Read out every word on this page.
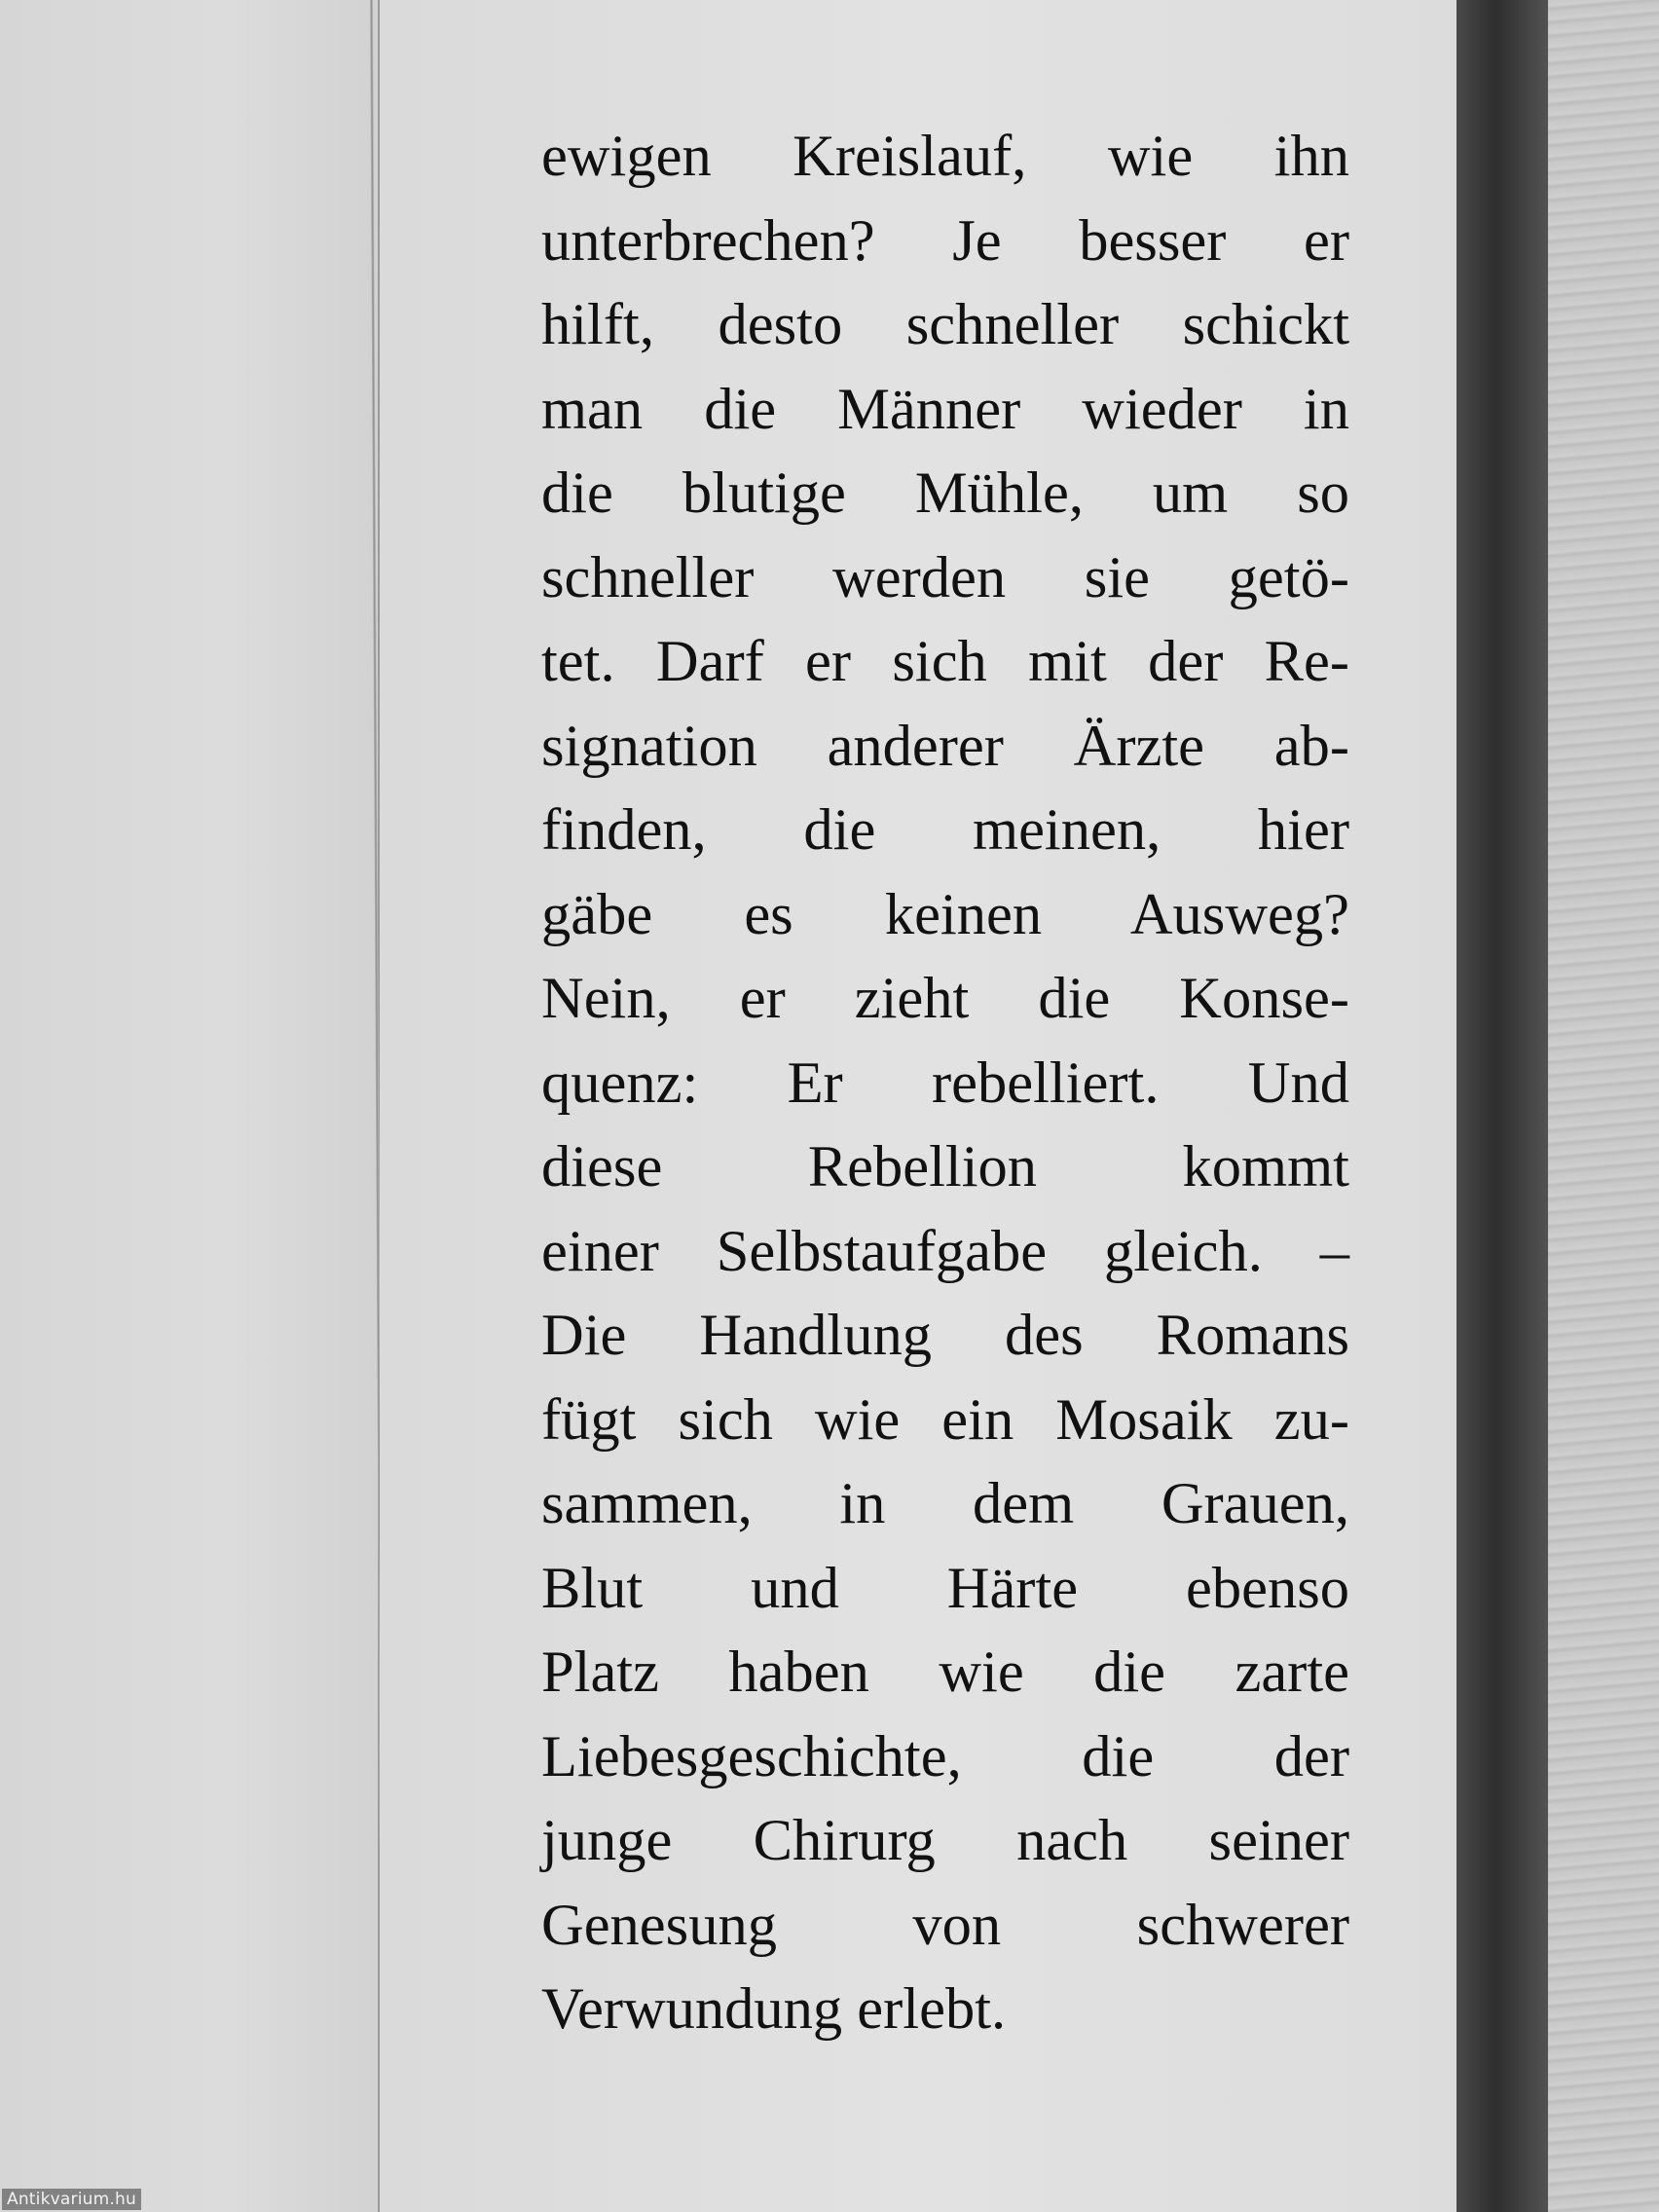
ewigen Kreislauf, wie ihn
unterbrechen? Je besser er
hilft, desto schneller schickt
man die Männer wieder in
die blutige Mühle, um so
schneller werden sie getö-
tet. Darf er sich mit der Re-
signation anderer Ärzte ab-
finden, die meinen, hier
gäbe es keinen Ausweg?
Nein, er zieht die Konse-
quenz: Er rebelliert. Und
diese Rebellion kommt
einer Selbstaufgabe gleich. –
Die Handlung des Romans
fügt sich wie ein Mosaik zu-
sammen, in dem Grauen,
Blut und Härte ebenso
Platz haben wie die zarte
Liebesgeschichte, die der
junge Chirurg nach seiner
Genesung von schwerer
Verwundung erlebt.
Antikvarium.hu
